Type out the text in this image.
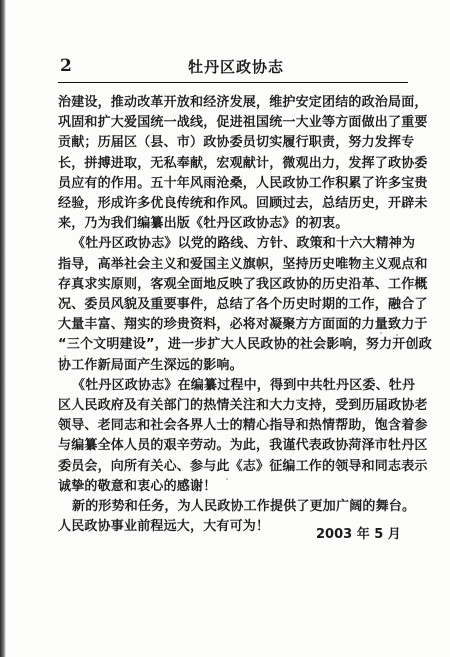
2	牡丹区政协志
治建设，推动改革开放和经济发展，维护安定团结的政治局面，
巩固和扩大爱国统一战线，促进祖国统一大业等方面做出了重要
贡献；历届区（县、市）政协委员切实履行职责，努力发挥专
长，拼搏进取，无私奉献，宏观献计，微观出力，发挥了政协委
员应有的作用。五十年风雨沧桑，人民政协工作积累了许多宝贵
经验，形成许多优良传统和作风。回顾过去，总结历史，开辟未
来，乃为我们编纂出版《牡丹区政协志》的初衷。
《牡丹区政协志》以党的路线、方针、政策和十六大精神为
指导，高举社会主义和爱国主义旗帜，坚持历史唯物主义观点和
存真求实原则，客观全面地反映了我区政协的历史沿革、工作概
况、委员风貌及重要事件，总结了各个历史时期的工作，融合了
大量丰富、翔实的珍贵资料，必将对凝聚方方面面的力量致力于
“三个文明建设”，进一步扩大人民政协的社会影响，努力开创政
协工作新局面产生深远的影响。
《牡丹区政协志》在编纂过程中，得到中共牡丹区委、牡丹
区人民政府及有关部门的热情关注和大力支持，受到历届政协老
领导、老同志和社会各界人士的精心指导和热情帮助，饱含着参
与编纂全体人员的艰辛劳动。为此，我谨代表政协菏泽市牡丹区
委员会，向所有关心、参与此《志》征编工作的领导和同志表示
诚挚的敬意和衷心的感谢！
新的形势和任务，为人民政协工作提供了更加广阔的舞台。
人民政协事业前程远大，大有可为！
2003 年 5 月
